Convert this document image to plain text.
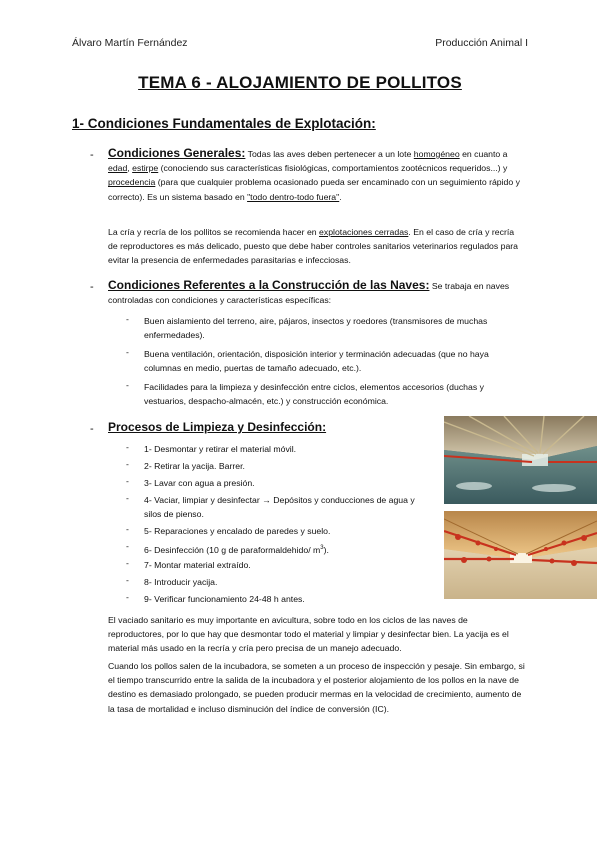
Álvaro Martín Fernández	Producción Animal I
TEMA 6 - ALOJAMIENTO DE POLLITOS
1- Condiciones Fundamentales de Explotación:
- Condiciones Generales: Todas las aves deben pertenecer a un lote homogéneo en cuanto a edad, estirpe (conociendo sus características fisiológicas, comportamientos zootécnicos requeridos...) y procedencia (para que cualquier problema ocasionado pueda ser encaminado con un seguimiento rápido y correcto). Es un sistema basado en "todo dentro-todo fuera".
La cría y recría de los pollitos se recomienda hacer en explotaciones cerradas. En el caso de cría y recría de reproductores es más delicado, puesto que debe haber controles sanitarios veterinarios regulados para evitar la presencia de enfermedades parasitarias e infecciosas.
- Condiciones Referentes a la Construcción de las Naves: Se trabaja en naves controladas con condiciones y características específicas:
- Buen aislamiento del terreno, aire, pájaros, insectos y roedores (transmisores de muchas enfermedades).
- Buena ventilación, orientación, disposición interior y terminación adecuadas (que no haya columnas en medio, puertas de tamaño adecuado, etc.).
- Facilidades para la limpieza y desinfección entre ciclos, elementos accesorios (duchas y vestuarios, despacho-almacén, etc.) y construcción económica.
- Procesos de Limpieza y Desinfección:
- 1- Desmontar y retirar el material móvil.
- 2- Retirar la yacija. Barrer.
- 3- Lavar con agua a presión.
- 4- Vaciar, limpiar y desinfectar → Depósitos y conducciones de agua y silos de pienso.
- 5- Reparaciones y encalado de paredes y suelo.
- 6- Desinfección (10 g de paraformaldehido/ $m^3$).
- 7- Montar material extraído.
- 8- Introducir yacija.
- 9- Verificar funcionamiento 24-48 h antes.
El vaciado sanitario es muy importante en avicultura, sobre todo en los ciclos de las naves de reproductores, por lo que hay que desmontar todo el material y limpiar y desinfectar bien. La yacija es el material más usado en la recría y cría pero precisa de un manejo adecuado.
Cuando los pollos salen de la incubadora, se someten a un proceso de inspección y pesaje. Sin embargo, si el tiempo transcurrido entre la salida de la incubadora y el posterior alojamiento de los pollos en la nave de destino es demasiado prolongado, se pueden producir mermas en la velocidad de crecimiento, aumento de la tasa de mortalidad e incluso disminución del índice de conversión (IC).
